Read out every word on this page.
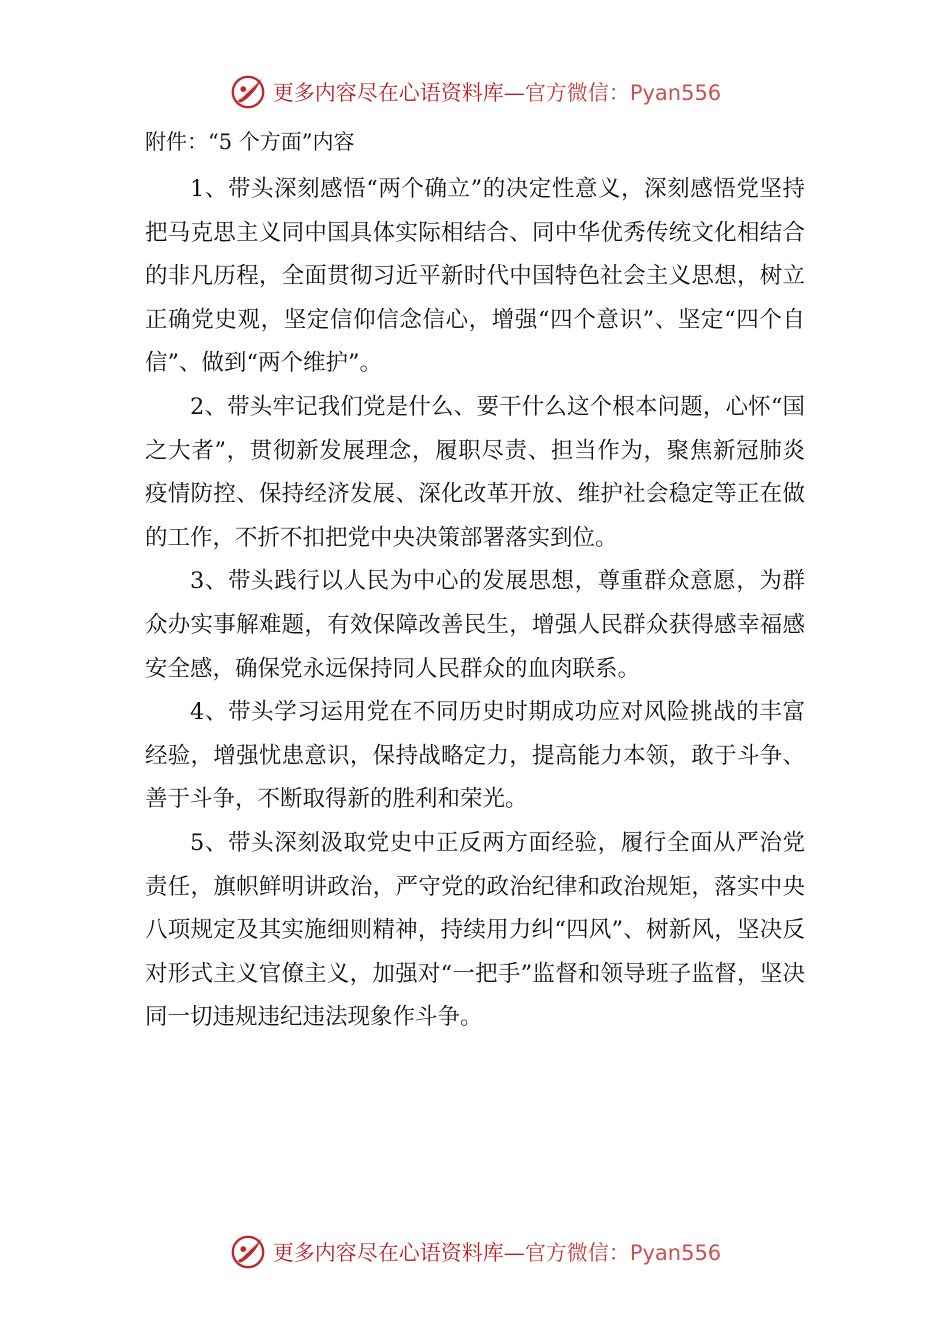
更多内容尽在心语资料库—官方微信：Pyan556
附件：“5 个方面”内容

1、带头深刻感悟“两个确立”的决定性意义，深刻感悟党坚持把马克思主义同中国具体实际相结合、同中华优秀传统文化相结合的非凡历程，全面贯彻习近平新时代中国特色社会主义思想，树立正确党史观，坚定信仰信念信心，增强“四个意识”、坚定“四个自信”、做到“两个维护”。

2、带头牢记我们党是什么、要干什么这个根本问题，心怀“国之大者”，贯彻新发展理念，履职尽责、担当作为，聚焦新冠肺炎疫情防控、保持经济发展、深化改革开放、维护社会稳定等正在做的工作，不折不扣把党中央决策部署落实到位。

3、带头践行以人民为中心的发展思想，尊重群众意愿，为群众办实事解难题，有效保障改善民生，增强人民群众获得感幸福感安全感，确保党永远保持同人民群众的血肉联系。

4、带头学习运用党在不同历史时期成功应对风险挑战的丰富经验，增强忧患意识，保持战略定力，提高能力本领，敢于斗争、善于斗争，不断取得新的胜利和荣光。

5、带头深刻汲取党史中正反两方面经验，履行全面从严治党责任，旗帜鲜明讲政治，严守党的政治纪律和政治规矩，落实中央八项规定及其实施细则精神，持续用力纠“四风”、树新风，坚决反对形式主义官僚主义，加强对“一把手”监督和领导班子监督，坚决同一切违规违纪违法现象作斗争。

更多内容尽在心语资料库—官方微信：Pyan556
